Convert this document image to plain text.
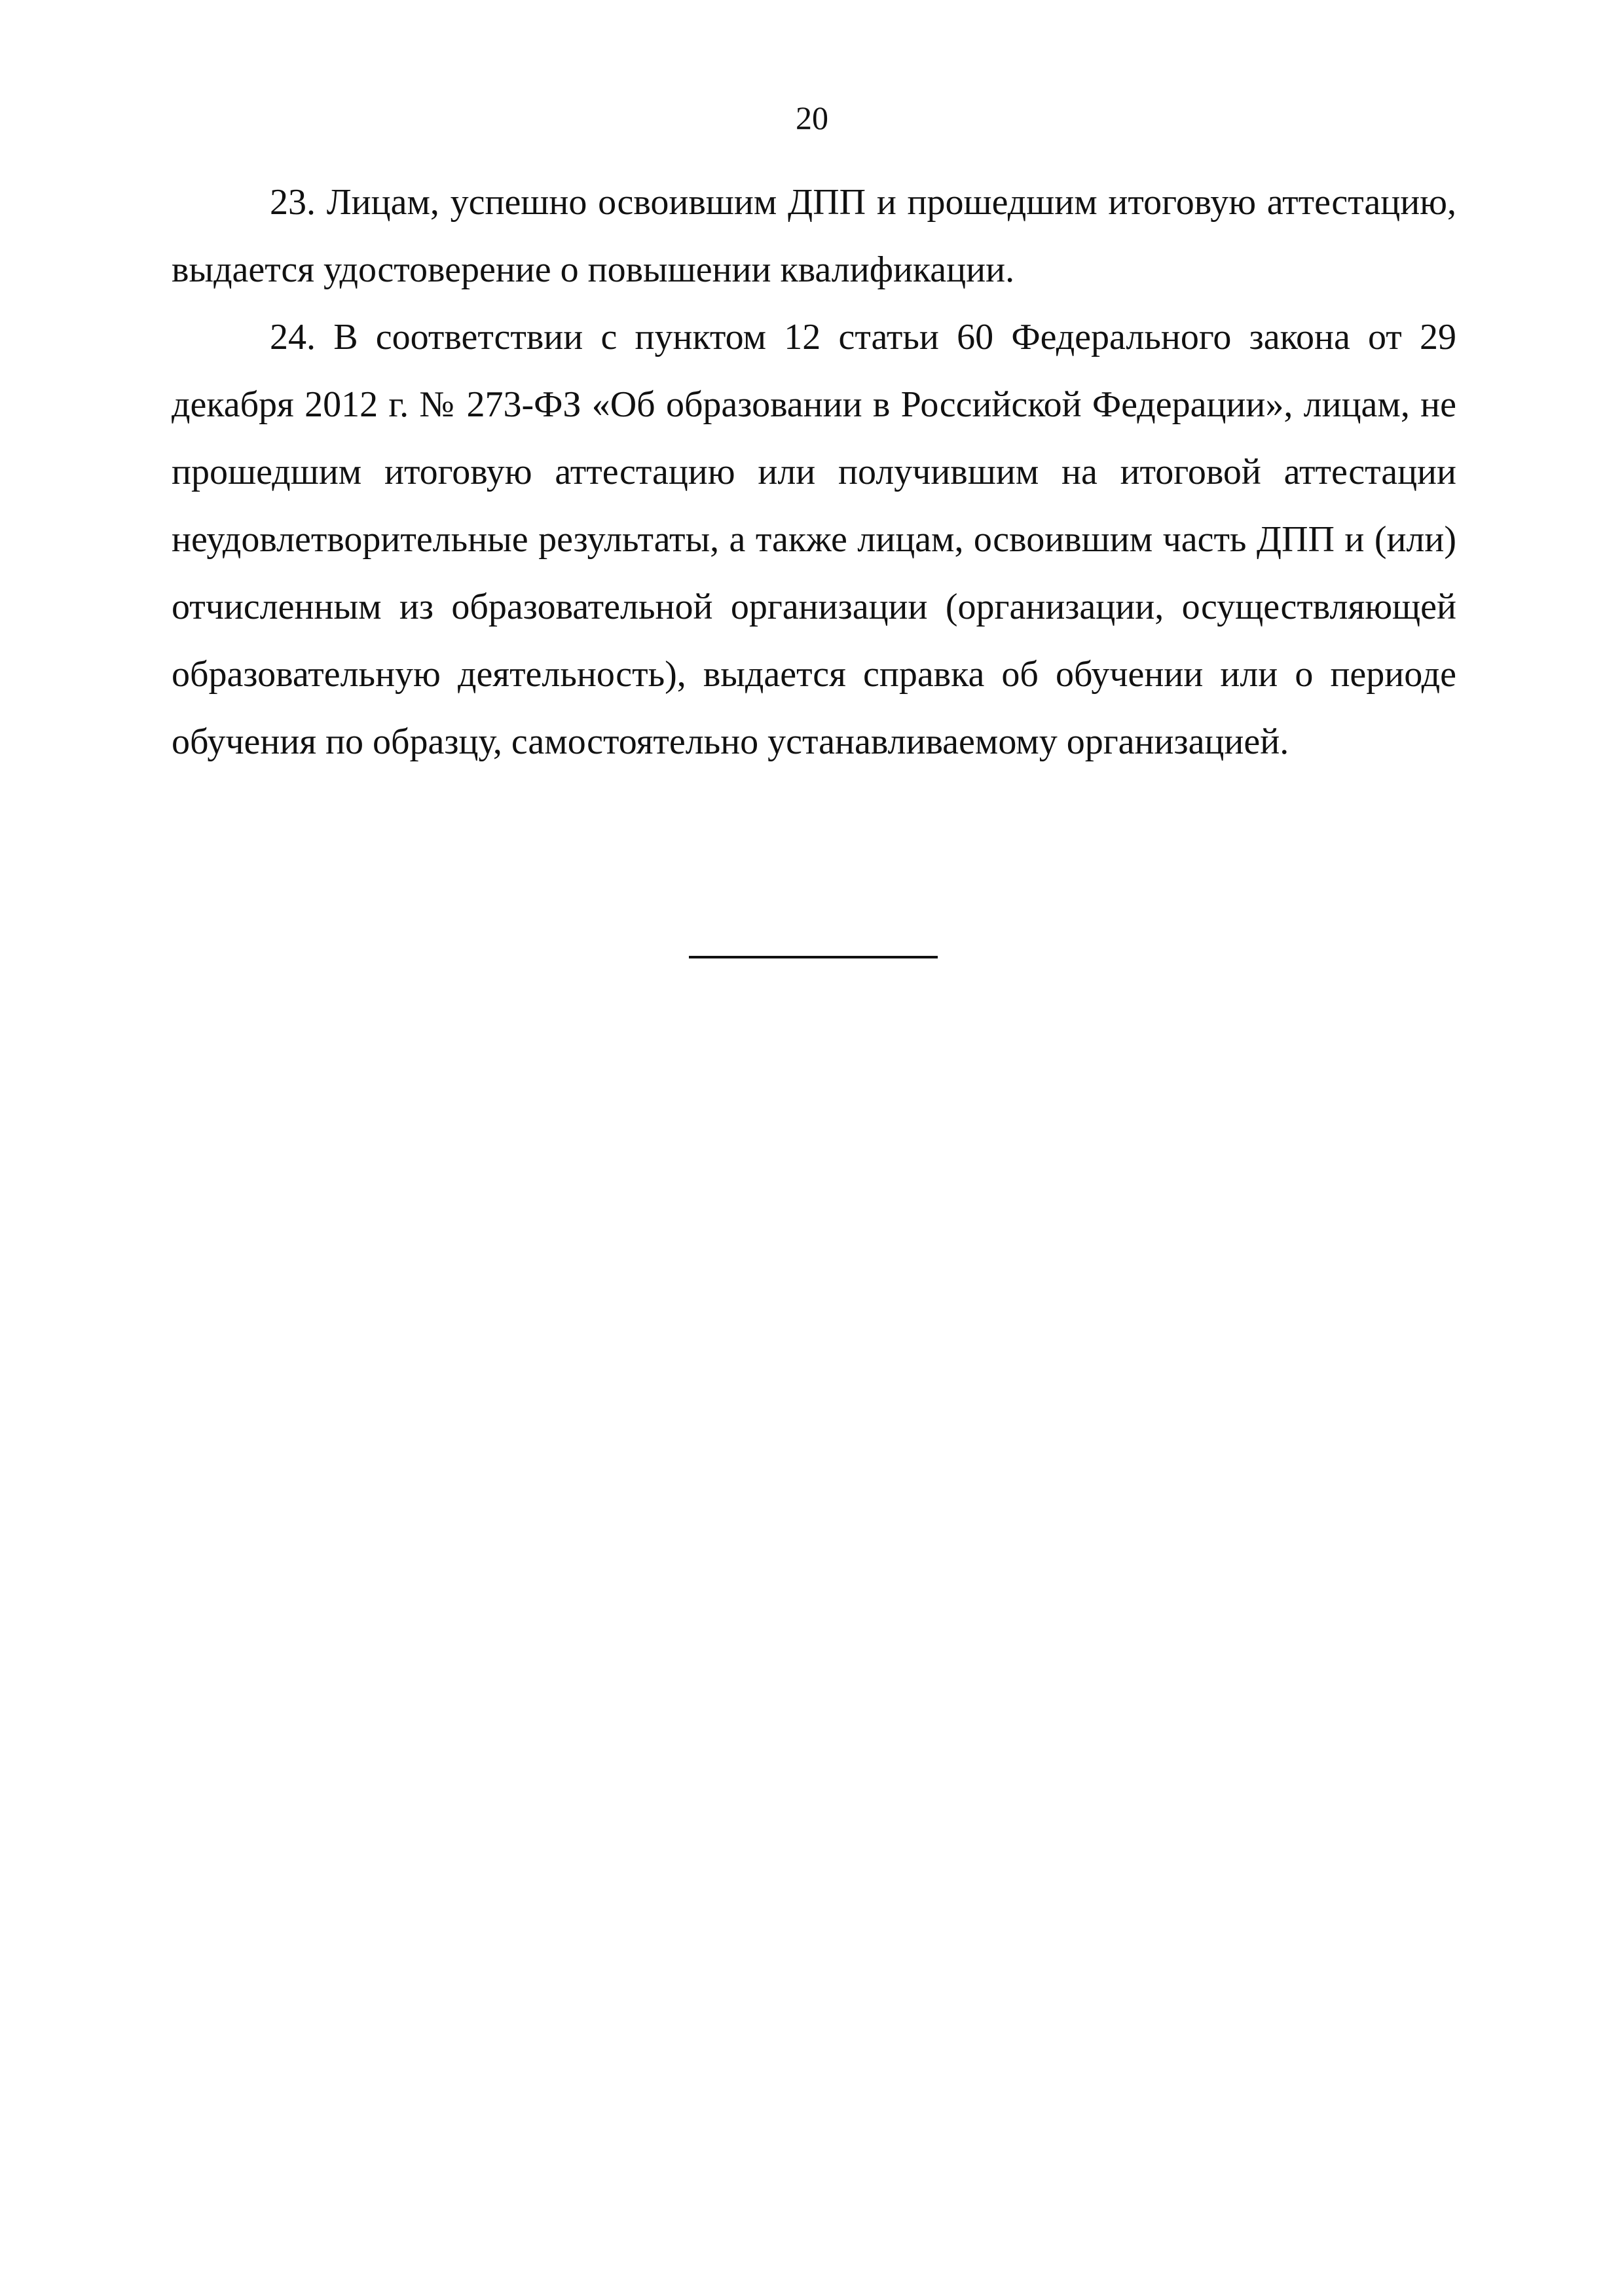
20

23. Лицам, успешно освоившим ДПП и прошедшим итоговую аттестацию, выдается удостоверение о повышении квалификации.

24. В соответствии с пунктом 12 статьи 60 Федерального закона от 29 декабря 2012 г. № 273-ФЗ «Об образовании в Российской Федерации», лицам, не прошедшим итоговую аттестацию или получившим на итоговой аттестации неудовлетворительные результаты, а также лицам, освоившим часть ДПП и (или) отчисленным из образовательной организации (организации, осуществляющей образовательную деятельность), выдается справка об обучении или о периоде обучения по образцу, самостоятельно устанавливаемому организацией.
